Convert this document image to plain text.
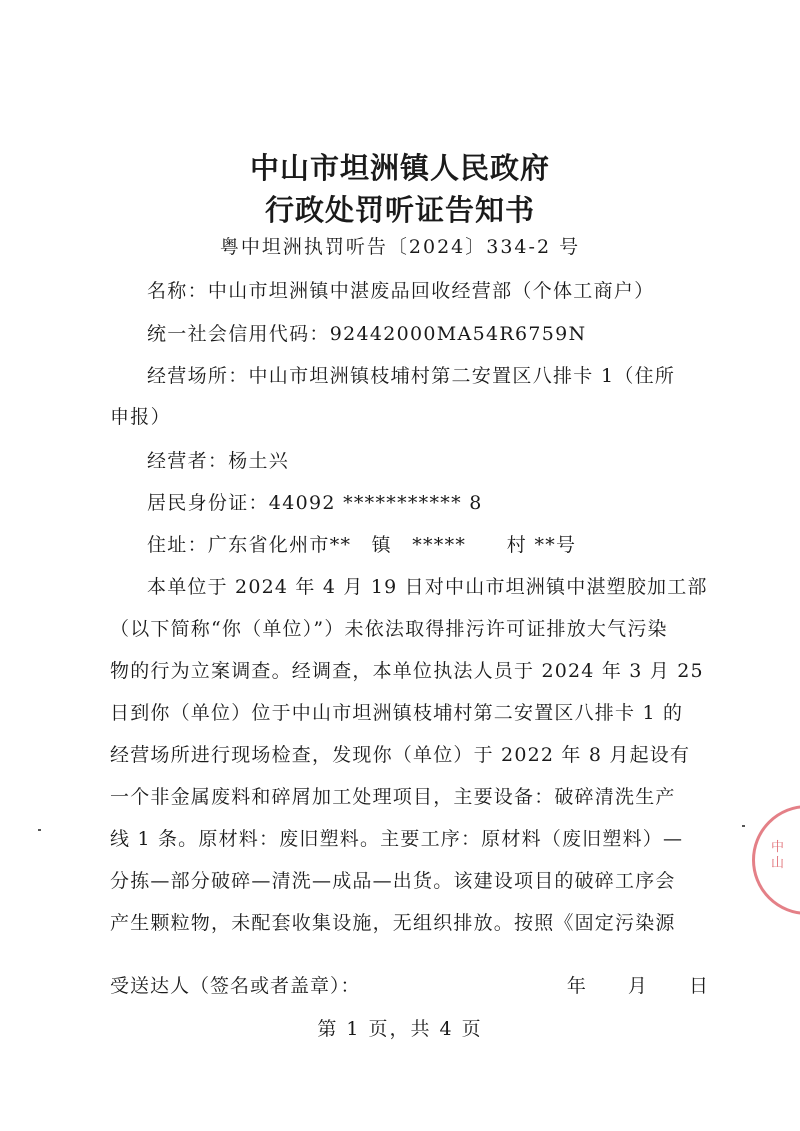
中山市坦洲镇人民政府
行政处罚听证告知书
粤中坦洲执罚听告〔2024〕334-2 号
名称：中山市坦洲镇中湛废品回收经营部（个体工商户）
统一社会信用代码：92442000MA54R6759N
经营场所：中山市坦洲镇枝埔村第二安置区八排卡 1（住所
申报）
经营者：杨土兴
居民身份证：44092 *********** 8
住址：广东省化州市**　镇　*****　　村 **号
本单位于 2024 年 4 月 19 日对中山市坦洲镇中湛塑胶加工部
（以下简称“你（单位）”）未依法取得排污许可证排放大气污染
物的行为立案调查。经调查，本单位执法人员于 2024 年 3 月 25
日到你（单位）位于中山市坦洲镇枝埔村第二安置区八排卡 1 的
经营场所进行现场检查，发现你（单位）于 2022 年 8 月起设有
一个非金属废料和碎屑加工处理项目，主要设备：破碎清洗生产
线 1 条。原材料：废旧塑料。主要工序：原材料（废旧塑料）—
分拣—部分破碎—清洗—成品—出货。该建设项目的破碎工序会
产生颗粒物，未配套收集设施，无组织排放。按照《固定污染源
受送达人（签名或者盖章）：	年 月 日
第 1 页，共 4 页
中山
